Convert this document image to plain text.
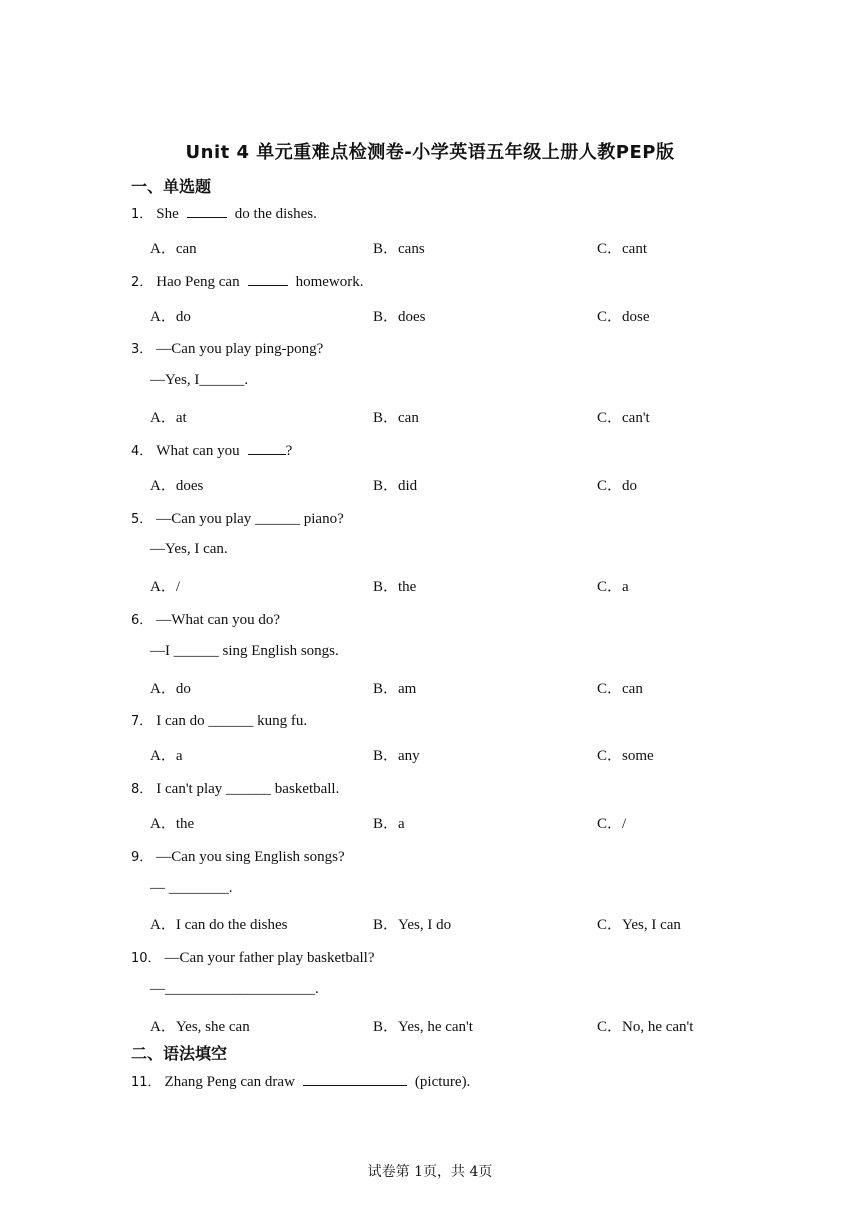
Unit 4 单元重难点检测卷-小学英语五年级上册人教PEP版
一、单选题
1． She	do the dishes.
A．can	B．cans	C．cant
2． Hao Peng can	homework.
A．do	B．does	C．dose
3． —Can you play ping-pong?
—Yes, I______.
A．at	B．can	C．can't
4． What can you	?
A．does	B．did	C．do
5． —Can you play ______ piano?
—Yes, I can.
A．/	B．the	C．a
6． —What can you do?
—I ______ sing English songs.
A．do	B．am	C．can
7． I can do ______ kung fu.
A．a	B．any	C．some
8． I can't play ______ basketball.
A．the	B．a	C．/
9． —Can you sing English songs?
— ________.
A．I can do the dishes	B．Yes, I do	C．Yes, I can
10． —Can your father play basketball?
—____________________.
A．Yes, she can	B．Yes, he can't	C．No, he can't
二、语法填空
11． Zhang Peng can draw	(picture).
试卷第 1页，共 4页
